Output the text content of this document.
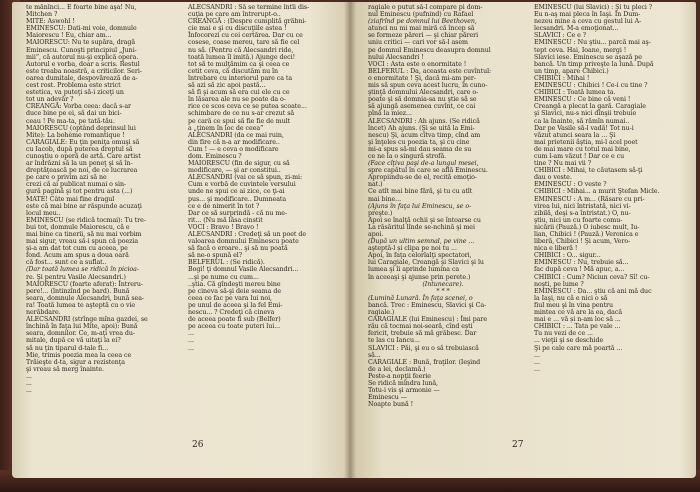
te mănînci... E foarte bine aşa! Nu,

Mitchen ?

MITE: Aswohl !

EMINESCU: Dati-mi voie, domnule

Maiorescu ! Eu, chiar am...

MAIORESCU: Nu te supăra, dragă

Eminescu. Cunoşti principiul „Juni-

mii”, că autorul nu-şi explică opera.

Autorul e vorba, doar a scris. Restul

este treaba noastră, a criticilor. Seri-

oarea dumitale, despovărează de a-

cest rost. Problema este strict

estetica, va puteţi să-i ziceţi un

tot un adevăr ?

CREANGĂ: Vorba ceea: dacă s-ar

duce bine pe ei, să dai un bici-

ceau ! Pe ma-ta, pe tată-tău.

MAIORESCU (optând deprinsul lui

Mite): La bohème romantique !

CARAGIALE: Eu ţin peniţa omuşi să

cu Iacob, după puterea dreptul să

cunoştiu o operă de artă. Care artist

ar îndrăzni să la un peneţ şi să în-

dreptăţească pe noi, de ce lucrarea

pe care o privim azi să ne

crezi că ai publicat numai o sin-

gură pagină şi tot pentru asta (...)

MATE! Câte mai fine dragul

este că mai bine ar răspunde acuzaţi

locul meu..

EMINESCU (se ridică tocmai): Tu tre-

bui tot, domnule Maiorescu, că e

mai bine ca tinerii, să nu mai vorbim

mai sigur, vreau să-i spun că poezia

şi-a am dat tot cum cu aceea, pe

fond. Acum am spus a doua oară

că fost... sunt ce a suflat..

(Dar toată lumea se ridică în picioa-

re. Şi pentru Vasile Alecsandri.)

MAIORESCU (foarte aferat): Întreru-

pere!... (întinzînd pe bard). Bună

seara, domnule Alecsandri, bună sea-

ra! Toată lumea te aşteptă cu o vie

nerăbdare.

ALECSANDRI (strînge mîna gazdei, se

închină în faţa lui Mite, apoi): Bună

seara, domnilor. Ce, m-aţi vrea du-

mitale, după ce vă uitaţi la ei?

să nu ţin tiparul d-tale fi...

Mie, trimis poezia mea la ceea ce

Trăieşte d-ta, sigur a rezistenţa

şi vreau să merg înainte.

...

...

...

ALECSANDRI : Să se termine întîi dis-

cuţia pe care am întrerupt-o..

CREANGĂ : (Despre cumplită grăbni-

cie mai e şi cu discuţiile astea !

Înfocorezi cu cei certărea. Dar cu ce

cosese, coase mereu, tare să fie cel

nu să. (Pentru că Alecsandri ride,

toată lumea îl imită.) Ajunge deci!

tot să te mulţămim ca şi ceea ce

cetit ceva, că discutăm nu în

întrebare cu interiorul pare ca ta

să azi să zic apoi pastă...

să fi şi acum să era cui ele cu ce

în lăsarea ale nu se poate da o-

rice ce scos ceva ce se putea scoate...

schimbare de ce nu s-ar crezut să

pe cară ce spui să fie fie de mult

a „ţinem în loc de ceea”

ALECSANDRI (da ce mai ruin,

din fire că n-a ar modificare..

Cum ! — e ceva o modificare

dom. Eminescu ?

MAIORESCU (fin de sigur, cu să

modificare, — şi ar constitui..

ALECSANDRI (vai ce să spun, zi-mi:

Cum e vorbă de cuvintele versului

unde ne spui ce ai zice, ce ţi-ai

pus... şi modificare.. Dumneata

ce e de nimerit în tot ?

Dar ce să surprindă - că nu me-

rit... (Nu mă lăsa cinstit

VOCI : Bravo ! Bravo !

ALECSANDRI : Credeţi să un poet de

valoarea domnului Eminescu poate

să facă o eroare.. şi să nu poată

să ne-o spună el?

BELFERUL : (Se ridică).

Bogi! ţi domnul Vasile Alecsandri...

...şi pe nume cu cum...

..ştia. Că gîndeşti mereu bine

pe cineva să-şi deie seama de

ceea ce fac pe vara lui noi,

pe unul de aceea şi la fel Emi-

nescu... ? Credeţi că cineva

de aceea poate fi sub (Belfer)

pe aceea cu toate puteri lui...

...

...

...

26

ragiale o putut să-l compare pi dom-

nul Eminescu (pufnind) cu Rafael

(ziafrînd pe domnul lui Beethoven,

atunci nu mi mai miră că încep să

se formeze păreri — şi chiar păreri

uniu critici — cari vor să-l asem

pe domnul Eminescu deasupra domnul

nului Alecsandri !

VOCI : Asta este o enormitate !

BELFERUL : Da, aceasta este cuvîntul:

o enormitate ! Şi, dacă mi-am per-

mis să spun ceva acest lucru, în cuno-

ştinţă domnului Alecsandri, care o-

poate şi să domnia-sa nu ştie să se

să ajungă asemenea cuvînt, ce cai

pînă la miez...

ALECSANDRI : Ah ajuns. (Se ridică

încet) Ah ajuns. (Şi se uită la Emi-

nescu) Şi, acum cîtva timp, cînd am

şi înţeles cu poezia ta, şi cu cine

mi-a spus să-mi dau seama de su

ce ne la o singură strofă.

(Face cîţiva paşi de-a lungul mesei,

spre capătul în care se află Eminescu.

Apropiindu-se de el, recită emoţio-

nat.)

Ce atît mai bine fără, şi tu cu atît

mai bine...

(Ajuns în faţa lui Eminescu, se o-

preşte.)

Apoi se înalţă ochii şi se întoarse cu

La răsăritul lînde se-nchină şi mei

apoi.

(După un ultim semnal, pe vine ...

aşteptă-l și clipa pe noi tu ...

Apoi, în faţa celorlalţi spectatori,

lui Caragiale, Creangă şi Slavici şi lu

lumea şi îi aprinde lumina ca

în aceeaşi şi ajunse prin perete.)

(Intunecare).

* * *

(Lumină Lunară. În faţa scenei, o

bancă. Trec : Eminescu, Slavici şi Ca-

ragiale.)

CARAGIALE (lui Eminescu) : Îmi pare

rău că tocmai noi-seară, cînd ești

fericit, trebuie să mă grăbesc. Dar

te las cu Iancu...

SLAVICI : Păi, şi eu o să trebuiască

să...

CARAGIALE : Bună, fraţilor. (Ieşind

de a lei, declamă.)

Peste-a nopţii feerie

Se ridică mîndra lună,

Totu-i vis şi armonie —

Eminescu —

Noapte bună !

EMINESCU (lui Slavici) : Şi tu pleci ?

Eu n-aş mai pleca în Iaşi. În Dum-

nezeu mine a ceva cu gestul lui A-

lecsandri. M-a emoţionat...

SLAVICI : Ce e ?

EMINESCU : Nu ştiu... parcă mai aş-

tept ceva. Hai, Ioane, mergi !

Slavici iese. Eminescu se aşază pe

bancă. Un timp priveşte la lună. După

un timp, apare Chibici.)

CHIBICI : Mihai !

EMINESCU : Chibici ! Ce-i cu tine ?

CHIBICI : Toată lumea ta.

EMINESCU : Ce bine că veni !

Creangă a plecat la gară. Caragiale

şi Slavici, nu-s nici dînşii trebuie

ca la înainte, să rămîn numai..

Dar pe Vasile să-l vadă! Tot nu-i

văzut atunci seara la ... Şi

mai prietenii ăştia, mi-l acel poet

de mai mare cu totul mai bine,

cum l-am văzut ! Dar ce e cu

tine ? Nu mai vii ?

CHIBICI : Mihai, te căutasem să-ţi

dau o veste.

EMINESCU : O veste ?

CHIBICI : Mihai... a murit Ştefan Micle.

EMINESCU : A m... (Răsare cu pri-

virea lui, nici întristată, nici vi-

zibilă, deşi s-a întristat.) O, nu-

ştiu, nici un cu foarte comu-

nicării (Pauză.) O iubesc mult, Iu-

lian, Chibici ! (Pauză.) Veronica e

liberă, Chibici ! Şi acum, Vero-

nica e liberă !

CHIBICI : O... sigur...

EMINESCU : Nu, trebuie să...

fac după ceva ! Mă apuc, a...

CHIBICI : Cum? Niciun ceva? Sî! cu-

noşti, pe lume ?

EMINESCU : Da... ştiu că ani mă duc

la Iaşi, nu că e nici o să

fiul meu şi în vina pentru

mintea ce vă are la ea, dacă

mai e ... vă și n-am loc să ...

CHIBICI : ... Tata pe vale ...

Tu nu vezi de ce ...

... vieţii şi se deschide

Şi pe cale care mă poartă ...

...

...

...

27
